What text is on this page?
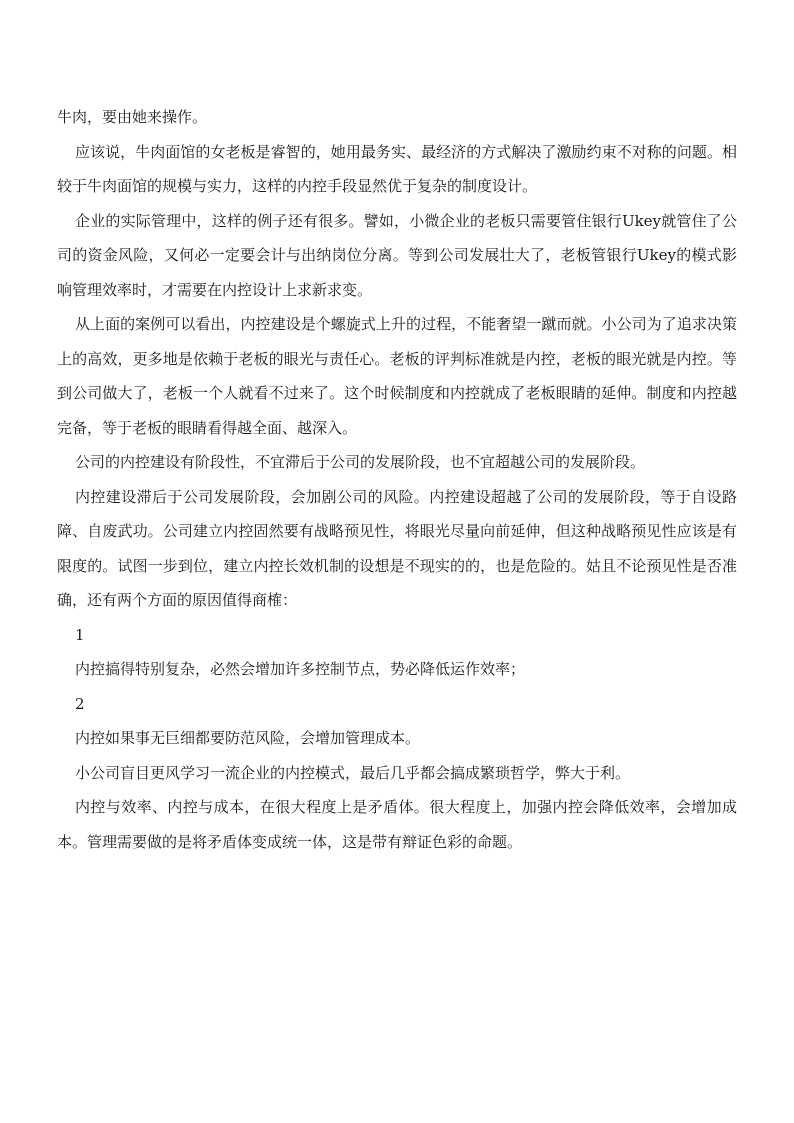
牛肉，要由她来操作。

应该说，牛肉面馆的女老板是睿智的，她用最务实、最经济的方式解决了激励约束不对称的问题。相较于牛肉面馆的规模与实力，这样的内控手段显然优于复杂的制度设计。

企业的实际管理中，这样的例子还有很多。譬如，小微企业的老板只需要管住银行Ukey就管住了公司的资金风险，又何必一定要会计与出纳岗位分离。等到公司发展壮大了，老板管银行Ukey的模式影响管理效率时，才需要在内控设计上求新求变。

从上面的案例可以看出，内控建设是个螺旋式上升的过程，不能奢望一蹴而就。小公司为了追求决策上的高效，更多地是依赖于老板的眼光与责任心。老板的评判标准就是内控，老板的眼光就是内控。等到公司做大了，老板一个人就看不过来了。这个时候制度和内控就成了老板眼睛的延伸。制度和内控越完备，等于老板的眼睛看得越全面、越深入。

公司的内控建设有阶段性，不宜滞后于公司的发展阶段，也不宜超越公司的发展阶段。

内控建设滞后于公司发展阶段，会加剧公司的风险。内控建设超越了公司的发展阶段，等于自设路障、自废武功。公司建立内控固然要有战略预见性，将眼光尽量向前延伸，但这种战略预见性应该是有限度的。试图一步到位，建立内控长效机制的设想是不现实的的，也是危险的。姑且不论预见性是否准确，还有两个方面的原因值得商榷：

1

内控搞得特别复杂，必然会增加许多控制节点，势必降低运作效率；

2

内控如果事无巨细都要防范风险，会增加管理成本。

小公司盲目更风学习一流企业的内控模式，最后几乎都会搞成繁琐哲学，弊大于利。

内控与效率、内控与成本，在很大程度上是矛盾体。很大程度上，加强内控会降低效率，会增加成本。管理需要做的是将矛盾体变成统一体，这是带有辩证色彩的命题。
